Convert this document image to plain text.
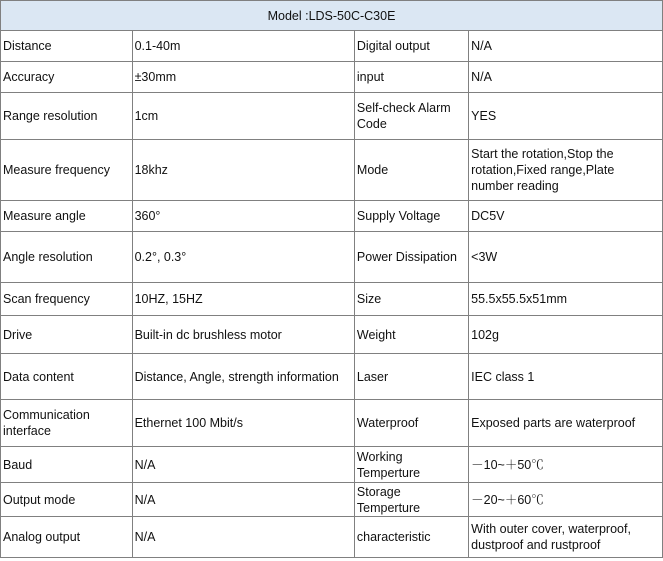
Model :LDS-50C-C30E			
Distance	0.1-40m	Digital output	N/A
Accuracy	±30mm	input	N/A
Range resolution	1cm	Self-check Alarm Code	YES
Measure frequency	18khz	Mode	Start the rotation,Stop the rotation,Fixed range,Plate number reading
Measure angle	360°	Supply Voltage	DC5V
Angle resolution	0.2°, 0.3°	Power Dissipation	<3W
Scan frequency	10HZ, 15HZ	Size	55.5x55.5x51mm
Drive	Built-in dc brushless motor	Weight	102g
Data content	Distance, Angle, strength information	Laser	IEC class 1
Communication interface	Ethernet 100 Mbit/s	Waterproof	Exposed parts are waterproof
Baud	N/A	Working Temperture	－10~＋50℃
Output mode	N/A	Storage Temperture	－20~＋60℃
Analog output	N/A	characteristic	With outer cover, waterproof, dustproof and rustproof
